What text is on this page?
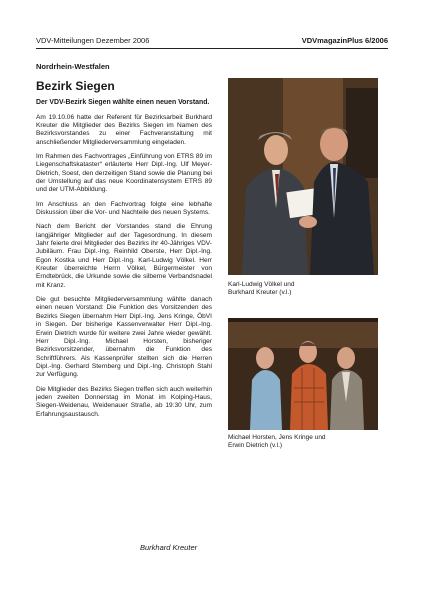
VDV-Mitteilungen Dezember 2006	VDVmagazinPlus 6/2006
Nordrhein-Westfalen
Bezirk Siegen

Der VDV-Bezirk Siegen wählte einen neuen Vorstand.

Am 19.10.06 hatte der Referent für Bezirksarbeit Burkhard Kreuter die Mitglieder des Bezirks Siegen im Namen des Bezirksvorstandes zu einer Fachveranstaltung mit anschließender Mitgliederversammlung eingeladen.

Im Rahmen des Fachvortrages „Einführung von ETRS 89 im Liegenschaftskataster“ erläuterte Herr Dipl.-Ing. Ulf Meyer-Dietrich, Soest, den derzeitigen Stand sowie die Planung bei der Umstellung auf das neue Koordinatensystem ETRS 89 und der UTM-Abbildung.

Im Anschluss an den Fachvortrag folgte eine lebhafte Diskussion über die Vor- und Nachteile des neuen Systems.

Nach dem Bericht der Vorstandes stand die Ehrung langjähriger Mitglieder auf der Tagesordnung. In diesem Jahr feierte drei Mitglieder des Bezirks ihr 40-Jähriges VDV-Jubiläum. Frau Dipl.-Ing. Reinhild Oberste, Herr Dipl.-Ing. Egon Kostka und Herr Dipl.-Ing. Karl-Ludwig Völkel. Herr Kreuter überreichte Herrn Völkel, Bürgermeister von Erndtebrück, die Urkunde sowie die silberne Verbandsnadel mit Kranz.

Die gut besuchte Mitgliederversammlung wählte danach einen neuen Vorstand: Die Funktion des Vorsitzenden des Bezirks Siegen übernahm Herr Dipl.-Ing. Jens Kringe, ÖbVI in Siegen. Der bisherige Kassenverwalter Herr Dipl.-Ing. Erwin Dietrich wurde für weitere zwei Jahre wieder gewählt. Herr Dipl.-Ing. Michael Horsten, bisheriger Bezirksvorsitzender, übernahm die Funktion des Schriftführers. Als Kassenprüfer stellten sich die Herren Dipl.-Ing. Gerhard Sternberg und Dipl.-Ing. Christoph Stahl zur Verfügung.

Die Mitglieder des Bezirks Siegen treffen sich auch weiterhin jeden zweiten Donnerstag im Monat im Kolping-Haus, Siegen-Weidenau, Weidenauer Straße, ab 19:30 Uhr, zum Erfahrungsaustausch.

Burkhard Kreuter
Karl-Ludwig Völkel und
Burkhard Kreuter (v.l.)
Michael Horsten, Jens Kringe und
Erwin Dietrich (v.l.)
